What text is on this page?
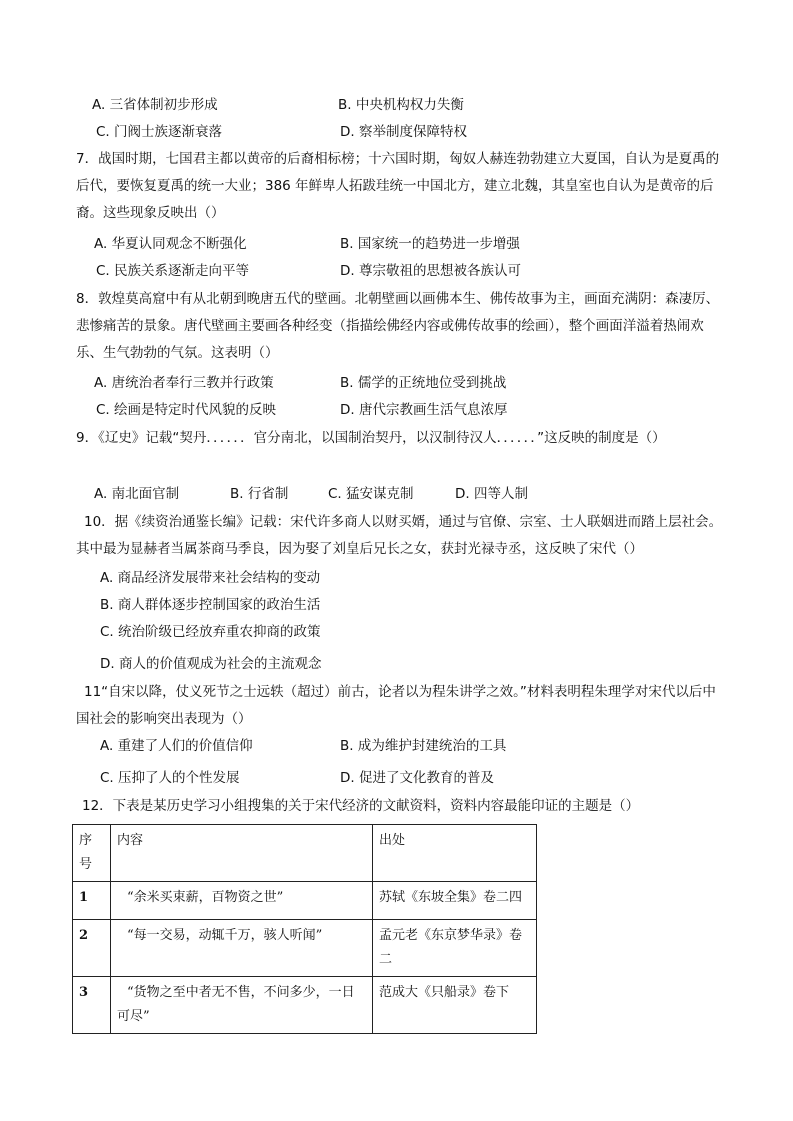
A. 三省体制初步形成	B. 中央机构权力失衡
C. 门阀士族逐渐衰落	D. 察举制度保障特权
7．战国时期，七国君主都以黄帝的后裔相标榜；十六国时期，匈奴人赫连勃勃建立大夏国，自认为是夏禹的后代，要恢复夏禹的统一大业；386 年鲜卑人拓跋珪统一中国北方，建立北魏，其皇室也自认为是黄帝的后裔。这些现象反映出（）
A. 华夏认同观念不断强化	B. 国家统一的趋势进一步增强
C. 民族关系逐渐走向平等	D. 尊宗敬祖的思想被各族认可
8．敦煌莫高窟中有从北朝到晚唐五代的壁画。北朝壁画以画佛本生、佛传故事为主，画面充满阴：森凄厉、悲惨痛苦的景象。唐代壁画主要画各种经变（指描绘佛经内容或佛传故事的绘画），整个画面洋溢着热闹欢乐、生气勃勃的气氛。这表明（）
A. 唐统治者奉行三教并行政策	B. 儒学的正统地位受到挑战
C. 绘画是特定时代风貌的反映	D. 唐代宗教画生活气息浓厚
9．《辽史》记载“契丹．．．．．．官分南北，以国制治契丹，以汉制待汉人．．．．．．”这反映的制度是（）
A. 南北面官制	B. 行省制	C. 猛安谋克制	D. 四等人制
10．据《续资治通鉴长编》记载：宋代许多商人以财买婿，通过与官僚、宗室、士人联姻进而踏上层社会。其中最为显赫者当属茶商马季良，因为娶了刘皇后兄长之女，获封光禄寺丞，这反映了宋代（）
A. 商品经济发展带来社会结构的变动
B. 商人群体逐步控制国家的政治生活
C. 统治阶级已经放弃重农抑商的政策
D. 商人的价值观成为社会的主流观念
11“自宋以降，仗义死节之士远轶（超过）前古，论者以为程朱讲学之效。”材料表明程朱理学对宋代以后中国社会的影响突出表现为（）
A. 重建了人们的价值信仰	B. 成为维护封建统治的工具
C. 压抑了人的个性发展	D. 促进了文化教育的普及
12．下表是某历史学习小组搜集的关于宋代经济的文献资料，资料内容最能印证的主题是（）
序号	内容	出处
1	“余米买束薪，百物资之世”	苏轼《东坡全集》卷二四
2	“每一交易，动辄千万，骇人听闻”	孟元老《东京梦华录》卷二
3	“货物之至中者无不售，不问多少，一日可尽”	范成大《只船录》卷下
